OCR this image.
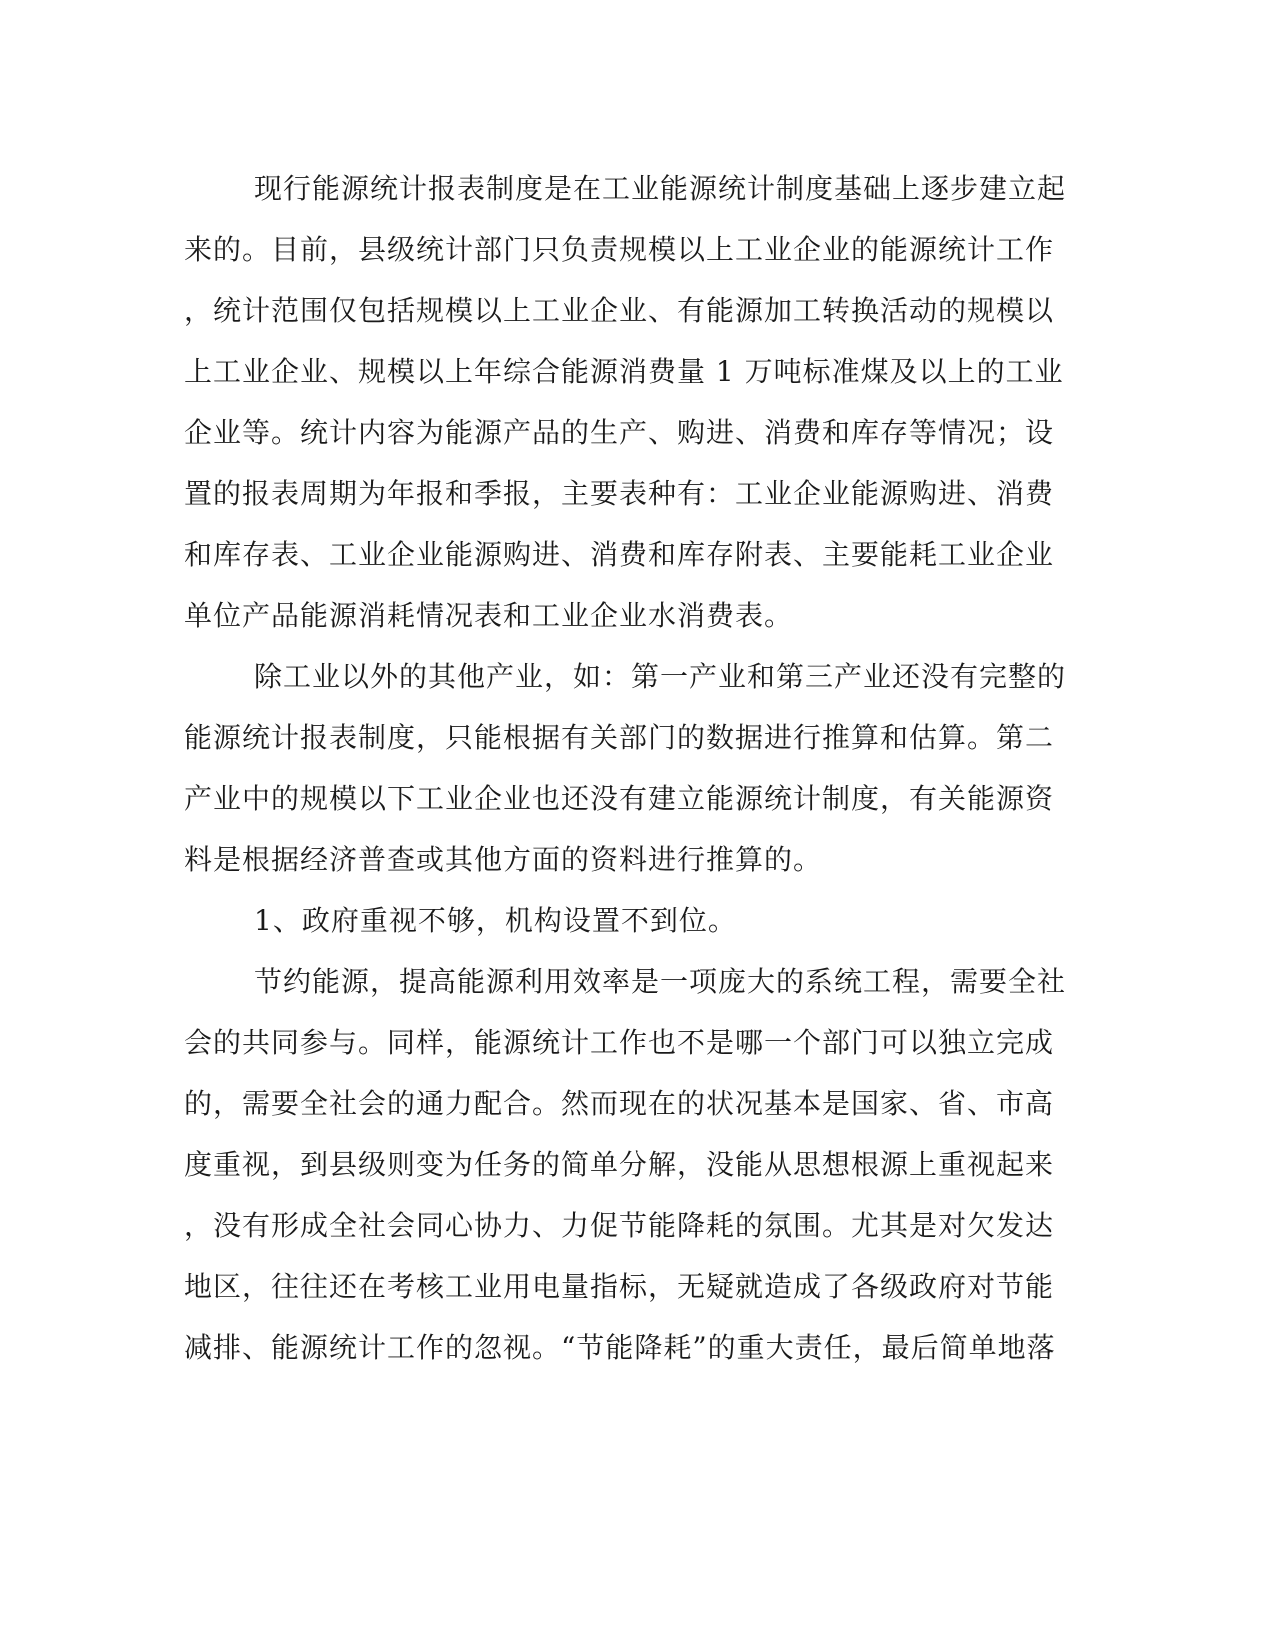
现行能源统计报表制度是在工业能源统计制度基础上逐步建立起
来的。目前，县级统计部门只负责规模以上工业企业的能源统计工作
，统计范围仅包括规模以上工业企业、有能源加工转换活动的规模以
上工业企业、规模以上年综合能源消费量 1 万吨标准煤及以上的工业
企业等。统计内容为能源产品的生产、购进、消费和库存等情况；设
置的报表周期为年报和季报，主要表种有：工业企业能源购进、消费
和库存表、工业企业能源购进、消费和库存附表、主要能耗工业企业
单位产品能源消耗情况表和工业企业水消费表。
除工业以外的其他产业，如：第一产业和第三产业还没有完整的
能源统计报表制度，只能根据有关部门的数据进行推算和估算。第二
产业中的规模以下工业企业也还没有建立能源统计制度，有关能源资
料是根据经济普查或其他方面的资料进行推算的。
1、政府重视不够，机构设置不到位。
节约能源，提高能源利用效率是一项庞大的系统工程，需要全社
会的共同参与。同样，能源统计工作也不是哪一个部门可以独立完成
的，需要全社会的通力配合。然而现在的状况基本是国家、省、市高
度重视，到县级则变为任务的简单分解，没能从思想根源上重视起来
，没有形成全社会同心协力、力促节能降耗的氛围。尤其是对欠发达
地区，往往还在考核工业用电量指标，无疑就造成了各级政府对节能
减排、能源统计工作的忽视。“节能降耗”的重大责任，最后简单地落
